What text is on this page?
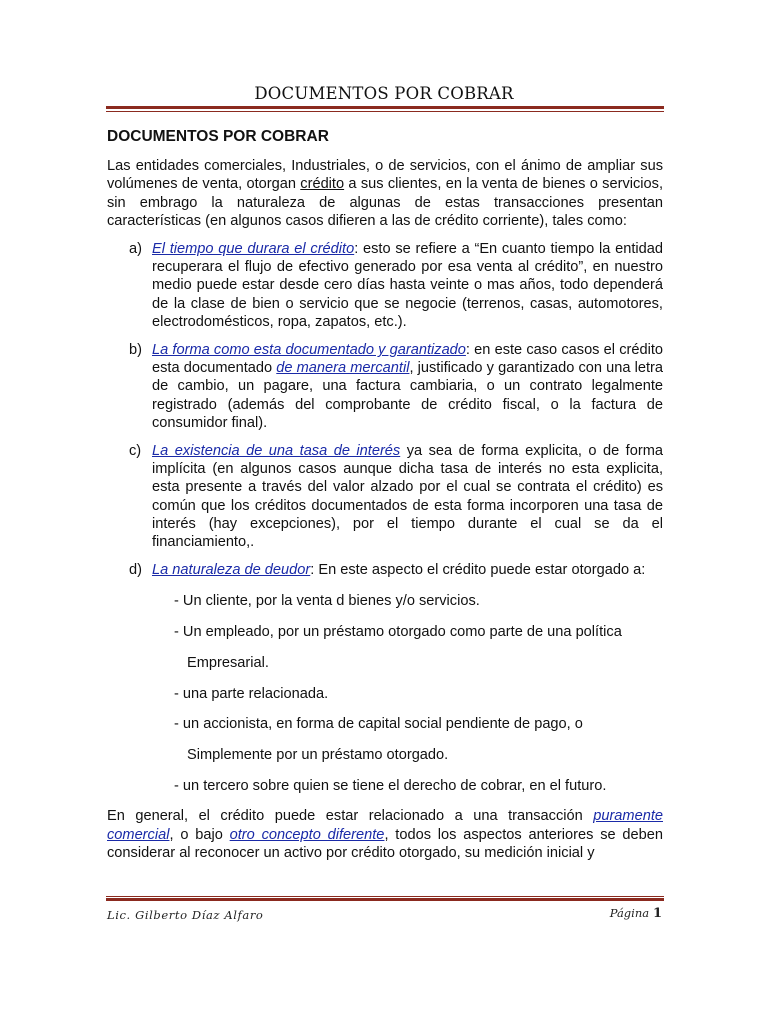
DOCUMENTOS POR COBRAR
DOCUMENTOS POR COBRAR

Las entidades comerciales, Industriales, o de servicios, con el ánimo de ampliar sus volúmenes de venta, otorgan crédito a sus clientes, en la venta de bienes o servicios, sin embrago la naturaleza de algunas de estas transacciones presentan características (en algunos casos difieren a las de crédito corriente), tales como:

a) El tiempo que durara el crédito: esto se refiere a “En cuanto tiempo la entidad recuperara el flujo de efectivo generado por esa venta al crédito”, en nuestro medio puede estar desde cero días hasta veinte o mas años, todo dependerá de la clase de bien o servicio que se negocie (terrenos, casas, automotores, electrodomésticos, ropa, zapatos, etc.).
b) La forma como esta documentado y garantizado: en este caso casos el crédito esta documentado de manera mercantil, justificado y garantizado con una letra de cambio, un pagare, una factura cambiaria, o un contrato legalmente registrado (además del comprobante de crédito fiscal, o la factura de consumidor final).
c) La existencia de una tasa de interés ya sea de forma explicita, o de forma implícita (en algunos casos aunque dicha tasa de interés no esta explicita, esta presente a través del valor alzado por el cual se contrata el crédito) es común que los créditos documentados de esta forma incorporen una tasa de interés (hay excepciones), por el tiempo durante el cual se da el financiamiento,.
d) La naturaleza de deudor: En este aspecto el crédito puede estar otorgado a:
- Un cliente, por la venta d bienes y/o servicios.
- Un empleado, por un préstamo otorgado como parte de una política
Empresarial.
- una parte relacionada.
- un accionista, en forma de capital social pendiente de pago, o
Simplemente por un préstamo otorgado.
- un tercero sobre quien se tiene el derecho de cobrar, en el futuro.

En general, el crédito puede estar relacionado a una transacción puramente comercial, o bajo otro concepto diferente, todos los aspectos anteriores se deben considerar al reconocer un activo por crédito otorgado, su medición inicial y

Lic. Gilberto Díaz Alfaro	Página 1
